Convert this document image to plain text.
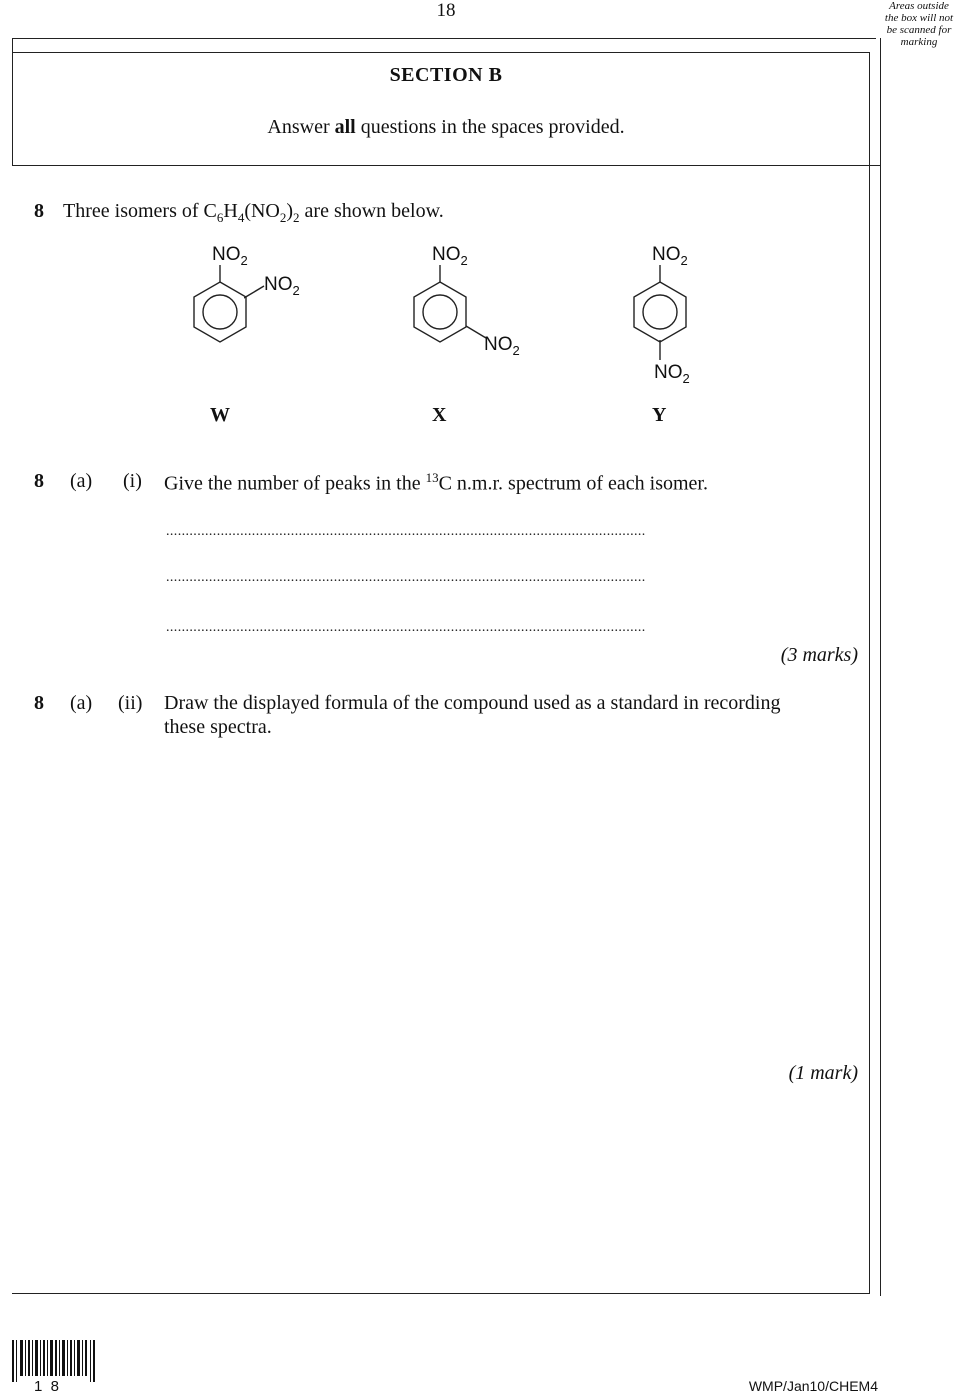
18	Areas outside the box will not be scanned for marking
SECTION B
Answer all questions in the spaces provided.
8 Three isomers of $C_6H_4(NO_2)_2$ are shown below.
$NO_2$
$NO_2$
$NO_2$
$NO_2$
$NO_2$
$NO_2$
W	X	Y
8 (a) (i) Give the number of peaks in the $^{13}$C n.m.r. spectrum of each isomer.
...........................................................................................................................
...........................................................................................................................
...........................................................................................................................
(3 marks)
8 (a) (ii) Draw the displayed formula of the compound used as a standard in recording
these spectra.
(1 mark)
1  8	WMP/Jan10/CHEM4
